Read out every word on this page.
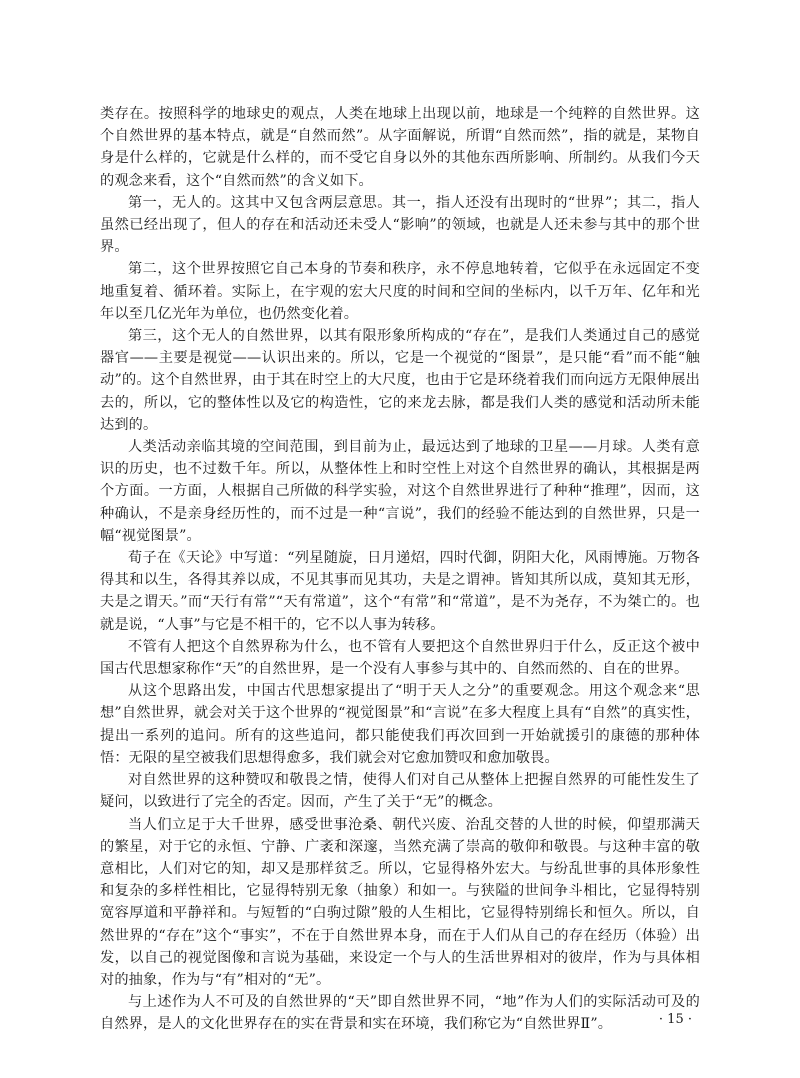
类存在。按照科学的地球史的观点，人类在地球上出现以前，地球是一个纯粹的自然世界。这个自然世界的基本特点，就是“自然而然”。从字面解说，所谓“自然而然”，指的就是，某物自身是什么样的，它就是什么样的，而不受它自身以外的其他东西所影响、所制约。从我们今天的观念来看，这个“自然而然”的含义如下。

第一，无人的。这其中又包含两层意思。其一，指人还没有出现时的“世界”；其二，指人虽然已经出现了，但人的存在和活动还未受人“影响”的领域，也就是人还未参与其中的那个世界。

第二，这个世界按照它自己本身的节奏和秩序，永不停息地转着，它似乎在永远固定不变地重复着、循环着。实际上，在宇观的宏大尺度的时间和空间的坐标内，以千万年、亿年和光年以至几亿光年为单位，也仍然变化着。

第三，这个无人的自然世界，以其有限形象所构成的“存在”，是我们人类通过自己的感觉器官——主要是视觉——认识出来的。所以，它是一个视觉的“图景”，是只能“看”而不能“触动”的。这个自然世界，由于其在时空上的大尺度，也由于它是环绕着我们而向远方无限伸展出去的，所以，它的整体性以及它的构造性，它的来龙去脉，都是我们人类的感觉和活动所未能达到的。

人类活动亲临其境的空间范围，到目前为止，最远达到了地球的卫星——月球。人类有意识的历史，也不过数千年。所以，从整体性上和时空性上对这个自然世界的确认，其根据是两个方面。一方面，人根据自己所做的科学实验，对这个自然世界进行了种种“推理”，因而，这种确认，不是亲身经历性的，而不过是一种“言说”，我们的经验不能达到的自然世界，只是一幅“视觉图景”。

荀子在《天论》中写道：“列星随旋，日月递炤，四时代御，阴阳大化，风雨博施。万物各得其和以生，各得其养以成，不见其事而见其功，夫是之谓神。皆知其所以成，莫知其无形，夫是之谓天。”而“天行有常”“天有常道”，这个“有常”和“常道”，是不为尧存，不为桀亡的。也就是说，“人事”与它是不相干的，它不以人事为转移。

不管有人把这个自然界称为什么，也不管有人要把这个自然世界归于什么，反正这个被中国古代思想家称作“天”的自然世界，是一个没有人事参与其中的、自然而然的、自在的世界。

从这个思路出发，中国古代思想家提出了“明于天人之分”的重要观念。用这个观念来“思想”自然世界，就会对关于这个世界的“视觉图景”和“言说”在多大程度上具有“自然”的真实性，提出一系列的追问。所有的这些追问，都只能使我们再次回到一开始就援引的康德的那种体悟：无限的星空被我们思想得愈多，我们就会对它愈加赞叹和愈加敬畏。

对自然世界的这种赞叹和敬畏之情，使得人们对自己从整体上把握自然界的可能性发生了疑问，以致进行了完全的否定。因而，产生了关于“无”的概念。

当人们立足于大千世界，感受世事沧桑、朝代兴废、治乱交替的人世的时候，仰望那满天的繁星，对于它的永恒、宁静、广袤和深邃，当然充满了崇高的敬仰和敬畏。与这种丰富的敬意相比，人们对它的知，却又是那样贫乏。所以，它显得格外宏大。与纷乱世事的具体形象性和复杂的多样性相比，它显得特别无象（抽象）和如一。与狭隘的世间争斗相比，它显得特别宽容厚道和平静祥和。与短暂的“白驹过隙”般的人生相比，它显得特别绵长和恒久。所以，自然世界的“存在”这个“事实”，不在于自然世界本身，而在于人们从自己的存在经历（体验）出发，以自己的视觉图像和言说为基础，来设定一个与人的生活世界相对的彼岸，作为与具体相对的抽象，作为与“有”相对的“无”。

与上述作为人不可及的自然世界的“天”即自然世界不同，“地”作为人们的实际活动可及的自然界，是人的文化世界存在的实在背景和实在环境，我们称它为“自然世界Ⅱ”。	· 15 ·
